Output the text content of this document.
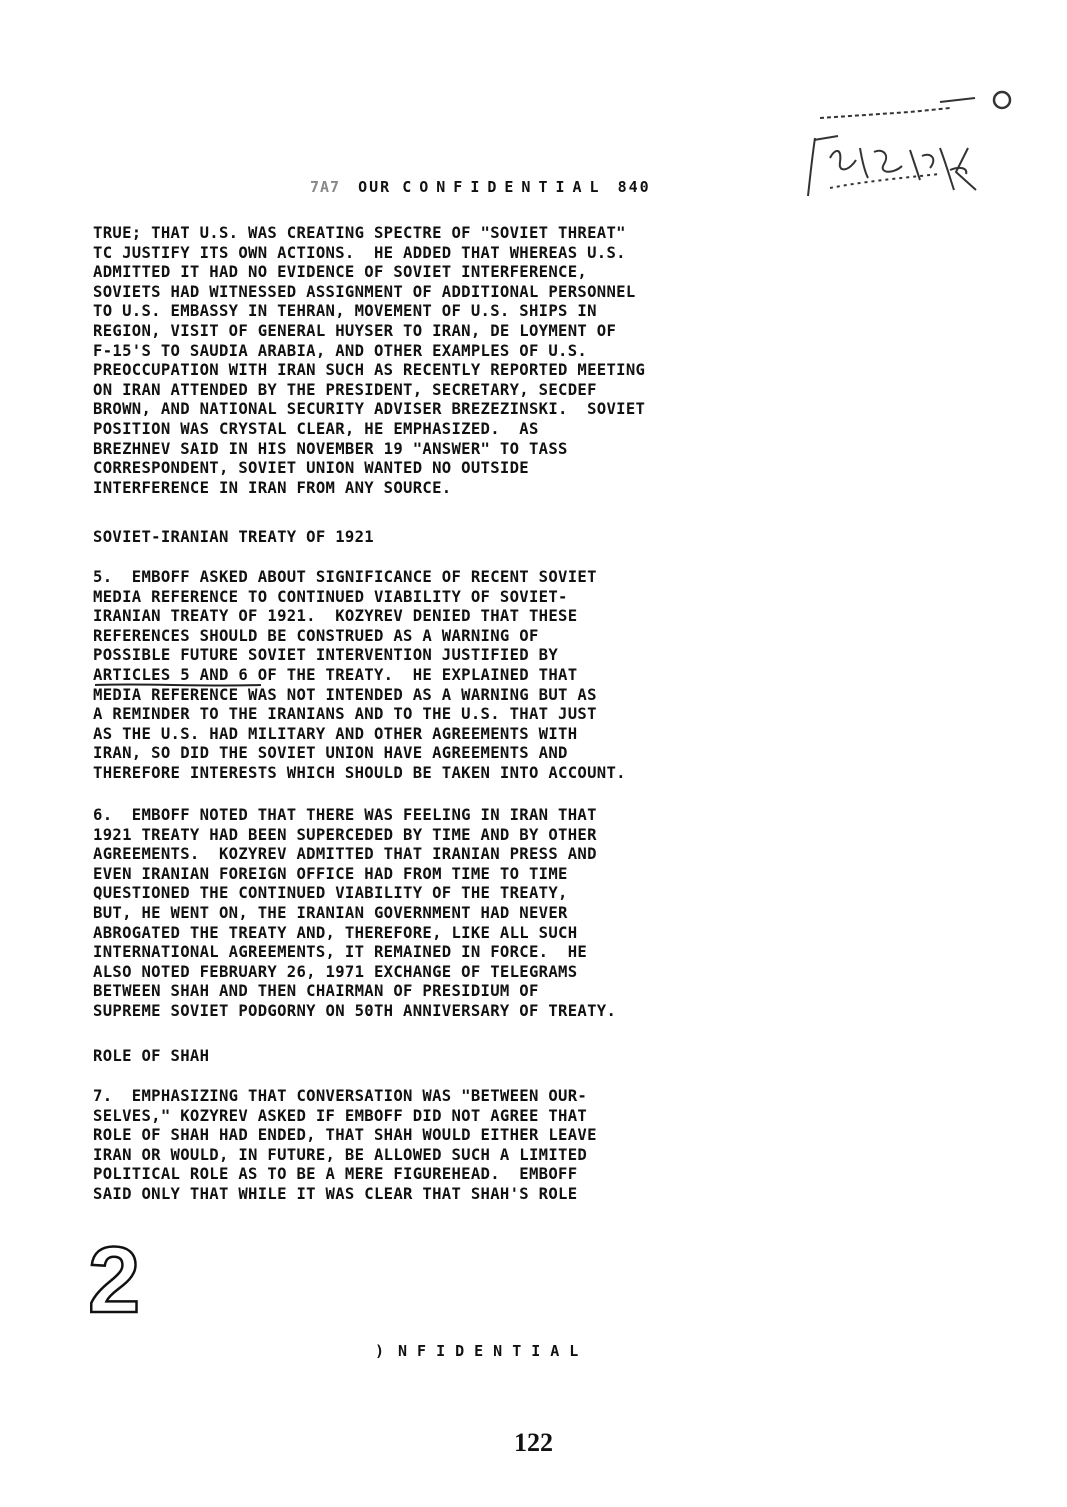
7A7 OUR CONFIDENTIAL 840
TRUE; THAT U.S. WAS CREATING SPECTRE OF "SOVIET THREAT"
TC JUSTIFY ITS OWN ACTIONS.  HE ADDED THAT WHEREAS U.S.
ADMITTED IT HAD NO EVIDENCE OF SOVIET INTERFERENCE,
SOVIETS HAD WITNESSED ASSIGNMENT OF ADDITIONAL PERSONNEL
TO U.S. EMBASSY IN TEHRAN, MOVEMENT OF U.S. SHIPS IN
REGION, VISIT OF GENERAL HUYSER TO IRAN, DE LOYMENT OF
F-15'S TO SAUDIA ARABIA, AND OTHER EXAMPLES OF U.S.
PREOCCUPATION WITH IRAN SUCH AS RECENTLY REPORTED MEETING
ON IRAN ATTENDED BY THE PRESIDENT, SECRETARY, SECDEF
BROWN, AND NATIONAL SECURITY ADVISER BREZEZINSKI.  SOVIET
POSITION WAS CRYSTAL CLEAR, HE EMPHASIZED.  AS
BREZHNEV SAID IN HIS NOVEMBER 19 "ANSWER" TO TASS
CORRESPONDENT, SOVIET UNION WANTED NO OUTSIDE
INTERFERENCE IN IRAN FROM ANY SOURCE.
SOVIET-IRANIAN TREATY OF 1921
5.  EMBOFF ASKED ABOUT SIGNIFICANCE OF RECENT SOVIET
MEDIA REFERENCE TO CONTINUED VIABILITY OF SOVIET-
IRANIAN TREATY OF 1921.  KOZYREV DENIED THAT THESE
REFERENCES SHOULD BE CONSTRUED AS A WARNING OF
POSSIBLE FUTURE SOVIET INTERVENTION JUSTIFIED BY
ARTICLES 5 AND 6 OF THE TREATY.  HE EXPLAINED THAT
MEDIA REFERENCE WAS NOT INTENDED AS A WARNING BUT AS
A REMINDER TO THE IRANIANS AND TO THE U.S. THAT JUST
AS THE U.S. HAD MILITARY AND OTHER AGREEMENTS WITH
IRAN, SO DID THE SOVIET UNION HAVE AGREEMENTS AND
THEREFORE INTERESTS WHICH SHOULD BE TAKEN INTO ACCOUNT.
6.  EMBOFF NOTED THAT THERE WAS FEELING IN IRAN THAT
1921 TREATY HAD BEEN SUPERCEDED BY TIME AND BY OTHER
AGREEMENTS.  KOZYREV ADMITTED THAT IRANIAN PRESS AND
EVEN IRANIAN FOREIGN OFFICE HAD FROM TIME TO TIME
QUESTIONED THE CONTINUED VIABILITY OF THE TREATY,
BUT, HE WENT ON, THE IRANIAN GOVERNMENT HAD NEVER
ABROGATED THE TREATY AND, THEREFORE, LIKE ALL SUCH
INTERNATIONAL AGREEMENTS, IT REMAINED IN FORCE.  HE
ALSO NOTED FEBRUARY 26, 1971 EXCHANGE OF TELEGRAMS
BETWEEN SHAH AND THEN CHAIRMAN OF PRESIDIUM OF
SUPREME SOVIET PODGORNY ON 50TH ANNIVERSARY OF TREATY.
ROLE OF SHAH
7.  EMPHASIZING THAT CONVERSATION WAS "BETWEEN OUR-
SELVES," KOZYREV ASKED IF EMBOFF DID NOT AGREE THAT
ROLE OF SHAH HAD ENDED, THAT SHAH WOULD EITHER LEAVE
IRAN OR WOULD, IN FUTURE, BE ALLOWED SUCH A LIMITED
POLITICAL ROLE AS TO BE A MERE FIGUREHEAD.  EMBOFF
SAID ONLY THAT WHILE IT WAS CLEAR THAT SHAH'S ROLE
2
) NFIDENTIAL
122
